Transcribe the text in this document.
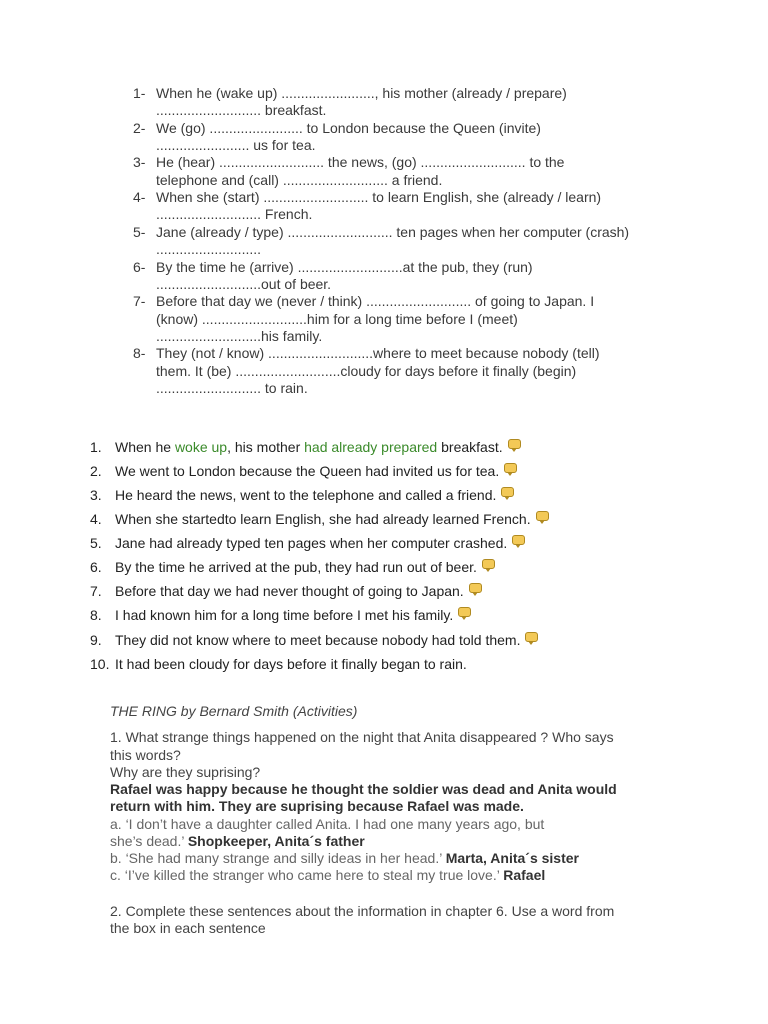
1- When he (wake up) ........................, his mother (already / prepare)
........................... breakfast.
2- We (go) ........................ to London because the Queen (invite)
........................ us for tea.
3- He (hear) ........................... the news, (go) ........................... to the
telephone and (call) ........................... a friend.
4- When she (start) ........................... to learn English, she (already / learn)
........................... French.
5- Jane (already / type) ........................... ten pages when her computer (crash)
...........................
6- By the time he (arrive) ...........................at the pub, they (run)
...........................out of beer.
7- Before that day we (never / think) ........................... of going to Japan. I
(know) ...........................him for a long time before I (meet)
...........................his family.
8- They (not / know) ...........................where to meet because nobody (tell)
them. It (be) ...........................cloudy for days before it finally (begin)
........................... to rain.
1. When he woke up, his mother had already prepared breakfast.
2. We went to London because the Queen had invited us for tea.
3. He heard the news, went to the telephone and called a friend.
4. When she startedto learn English, she had already learned French.
5. Jane had already typed ten pages when her computer crashed.
6. By the time he arrived at the pub, they had run out of beer.
7. Before that day we had never thought of going to Japan.
8. I had known him for a long time before I met his family.
9. They did not know where to meet because nobody had told them.
10. It had been cloudy for days before it finally began to rain.
THE RING by Bernard Smith (Activities)
1. What strange things happened on the night that Anita disappeared ? Who says
this words?
Why are they suprising?
Rafael was happy because he thought the soldier was dead and Anita would
return with him. They are suprising because Rafael was made.
a. ‘I don’t have a daughter called Anita. I had one many years ago, but
she’s dead.’ Shopkeeper, Anita´s father
b. ‘She had many strange and silly ideas in her head.’ Marta, Anita´s sister
c. ‘I’ve killed the stranger who came here to steal my true love.’ Rafael
2. Complete these sentences about the information in chapter 6. Use a word from
the box in each sentence
